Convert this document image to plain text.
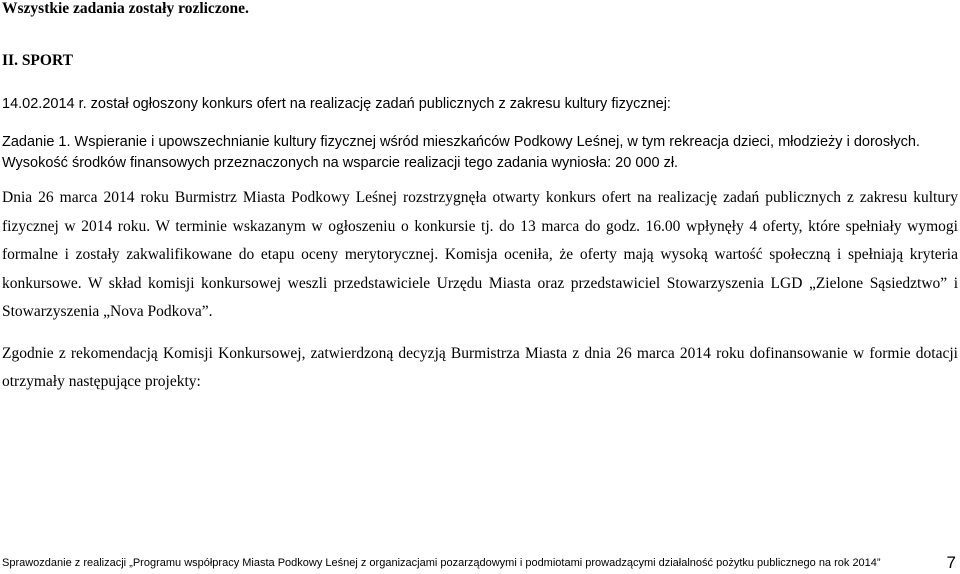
Wszystkie zadania zostały rozliczone.
II. SPORT
14.02.2014 r. został ogłoszony konkurs ofert na realizację zadań publicznych z zakresu kultury fizycznej:
Zadanie 1. Wspieranie i upowszechnianie kultury fizycznej wśród mieszkańców Podkowy Leśnej, w tym rekreacja dzieci, młodzieży i dorosłych.
Wysokość środków finansowych przeznaczonych na wsparcie realizacji tego zadania wyniosła: 20 000 zł.
Dnia 26 marca 2014 roku Burmistrz Miasta Podkowy Leśnej rozstrzygnęła otwarty konkurs ofert na realizację zadań publicznych z zakresu kultury fizycznej w 2014 roku. W terminie wskazanym w ogłoszeniu o konkursie tj. do 13 marca do godz. 16.00 wpłynęły 4 oferty, które spełniały wymogi formalne i zostały zakwalifikowane do etapu oceny merytorycznej. Komisja oceniła, że oferty mają wysoką wartość społeczną i spełniają kryteria konkursowe. W skład komisji konkursowej weszli przedstawiciele Urzędu Miasta oraz przedstawiciel Stowarzyszenia LGD „Zielone Sąsiedztwo” i Stowarzyszenia „Nova Podkova”.
Zgodnie z rekomendacją Komisji Konkursowej, zatwierdzoną decyzją Burmistrza Miasta z dnia 26 marca 2014 roku dofinansowanie w formie dotacji otrzymały następujące projekty:
Sprawozdanie z realizacji „Programu współpracy Miasta Podkowy Leśnej z organizacjami pozarządowymi i podmiotami prowadzącymi działalność pożytku publicznego na rok 2014”	7
